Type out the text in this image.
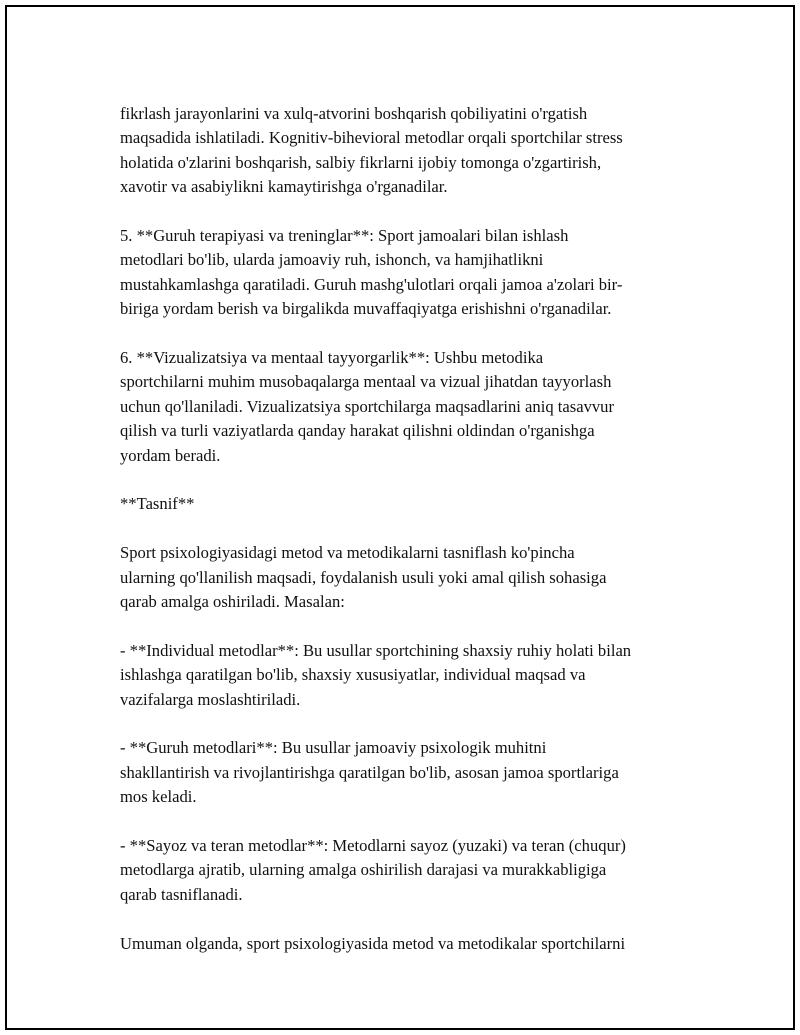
fikrlash jarayonlarini va xulq-atvorini boshqarish qobiliyatini o'rgatish
maqsadida ishlatiladi. Kognitiv-bihevioral metodlar orqali sportchilar stress
holatida o'zlarini boshqarish, salbiy fikrlarni ijobiy tomonga o'zgartirish,
xavotir va asabiylikni kamaytirishga o'rganadilar.

5. **Guruh terapiyasi va treninglar**: Sport jamoalari bilan ishlash
metodlari bo'lib, ularda jamoaviy ruh, ishonch, va hamjihatlikni
mustahkamlashga qaratiladi. Guruh mashg'ulotlari orqali jamoa a'zolari bir-
biriga yordam berish va birgalikda muvaffaqiyatga erishishni o'rganadilar.

6. **Vizualizatsiya va mentaal tayyorgarlik**: Ushbu metodika
sportchilarni muhim musobaqalarga mentaal va vizual jihatdan tayyorlash
uchun qo'llaniladi. Vizualizatsiya sportchilarga maqsadlarini aniq tasavvur
qilish va turli vaziyatlarda qanday harakat qilishni oldindan o'rganishga
yordam beradi.

**Tasnif**

Sport psixologiyasidagi metod va metodikalarni tasniflash ko'pincha
ularning qo'llanilish maqsadi, foydalanish usuli yoki amal qilish sohasiga
qarab amalga oshiriladi. Masalan:

- **Individual metodlar**: Bu usullar sportchining shaxsiy ruhiy holati bilan
ishlashga qaratilgan bo'lib, shaxsiy xususiyatlar, individual maqsad va
vazifalarga moslashtiriladi.

- **Guruh metodlari**: Bu usullar jamoaviy psixologik muhitni
shakllantirish va rivojlantirishga qaratilgan bo'lib, asosan jamoa sportlariga
mos keladi.

- **Sayoz va teran metodlar**: Metodlarni sayoz (yuzaki) va teran (chuqur)
metodlarga ajratib, ularning amalga oshirilish darajasi va murakkabligiga
qarab tasniflanadi.

Umuman olganda, sport psixologiyasida metod va metodikalar sportchilarni
